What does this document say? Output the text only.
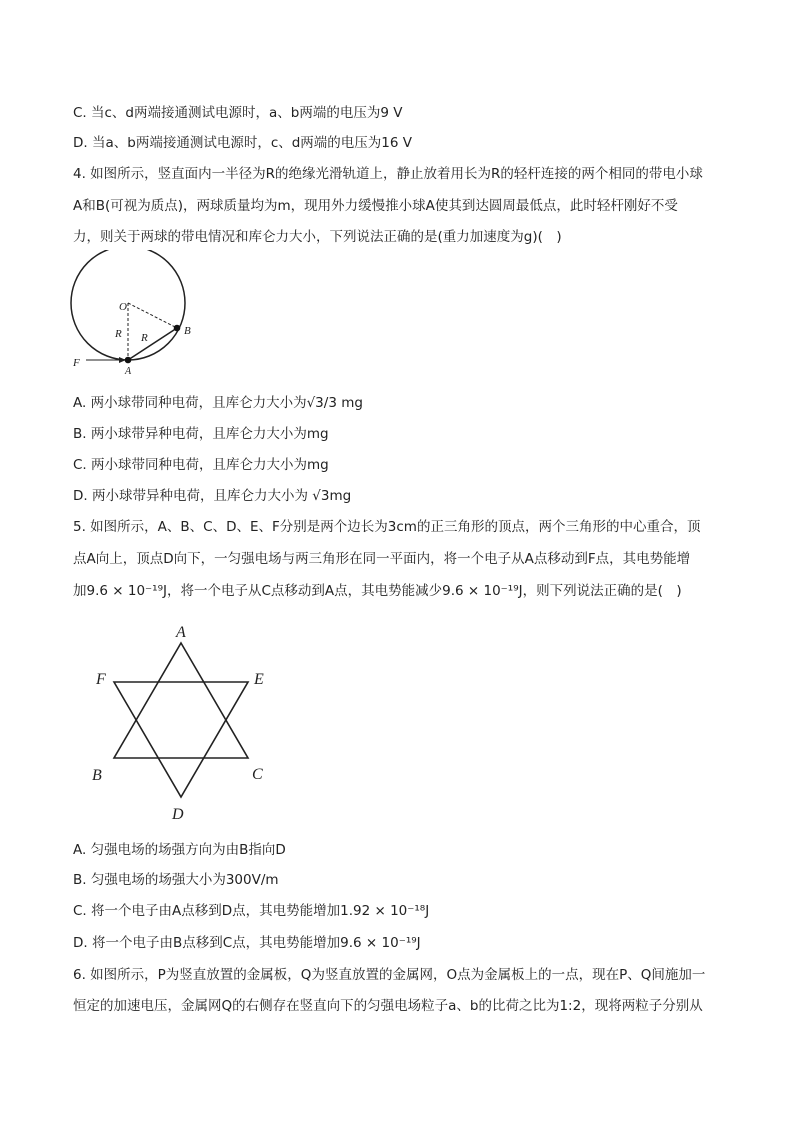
C. 当c、d两端接通测试电源时，a、b两端的电压为9 V
D. 当a、b两端接通测试电源时，c、d两端的电压为16 V
4. 如图所示，竖直面内一半径为R的绝缘光滑轨道上，静止放着用长为R的轻杆连接的两个相同的带电小球
A和B(可视为质点)，两球质量均为m，现用外力缓慢推小球A使其到达圆周最低点，此时轻杆刚好不受
力，则关于两球的带电情况和库仑力大小，下列说法正确的是(重力加速度为g)(　)
O
B
A
F
R R
A. 两小球带同种电荷，且库仑力大小为√3/3 mg
B. 两小球带异种电荷，且库仑力大小为mg
C. 两小球带同种电荷，且库仑力大小为mg
D. 两小球带异种电荷，且库仑力大小为 √3mg
5. 如图所示，A、B、C、D、E、F分别是两个边长为3cm的正三角形的顶点，两个三角形的中心重合，顶
点A向上，顶点D向下，一匀强电场与两三角形在同一平面内，将一个电子从A点移动到F点，其电势能增
加9.6 × 10⁻¹⁹J，将一个电子从C点移动到A点，其电势能减少9.6 × 10⁻¹⁹J，则下列说法正确的是(　)
A
E
F
B	C
D
A. 匀强电场的场强方向为由B指向D
B. 匀强电场的场强大小为300V/m
C. 将一个电子由A点移到D点，其电势能增加1.92 × 10⁻¹⁸J
D. 将一个电子由B点移到C点，其电势能增加9.6 × 10⁻¹⁹J
6. 如图所示，P为竖直放置的金属板，Q为竖直放置的金属网，O点为金属板上的一点，现在P、Q间施加一
恒定的加速电压，金属网Q的右侧存在竖直向下的匀强电场粒子a、b的比荷之比为1:2，现将两粒子分别从
